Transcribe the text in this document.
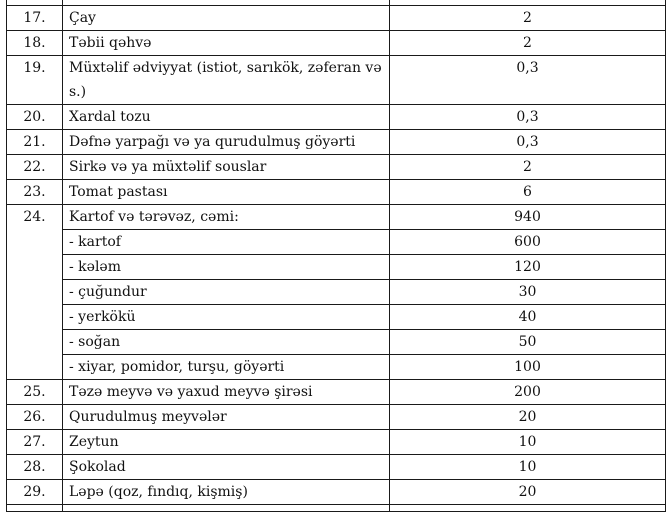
17.	Çay	2
18.	Təbii qəhvə	2
19.	Müxtəlif ədviyyat (istiot, sarıkök, zəferan və s.)	0,3
20.	Xardal tozu	0,3
21.	Dəfnə yarpağı və ya qurudulmuş göyərti	0,3
22.	Sirkə və ya müxtəlif souslar	2
23.	Tomat pastası	6
24.	Kartof və tərəvəz, cəmi:	940
	- kartof	600
	- kələm	120
	- çuğundur	30
	- yerkökü	40
	- soğan	50
	- xiyar, pomidor, turşu, göyərti	100
25.	Təzə meyvə və yaxud meyvə şirəsi	200
26.	Qurudulmuş meyvələr	20
27.	Zeytun	10
28.	Şokolad	10
29.	Ləpə (qoz, fındıq, kişmiş)	20
